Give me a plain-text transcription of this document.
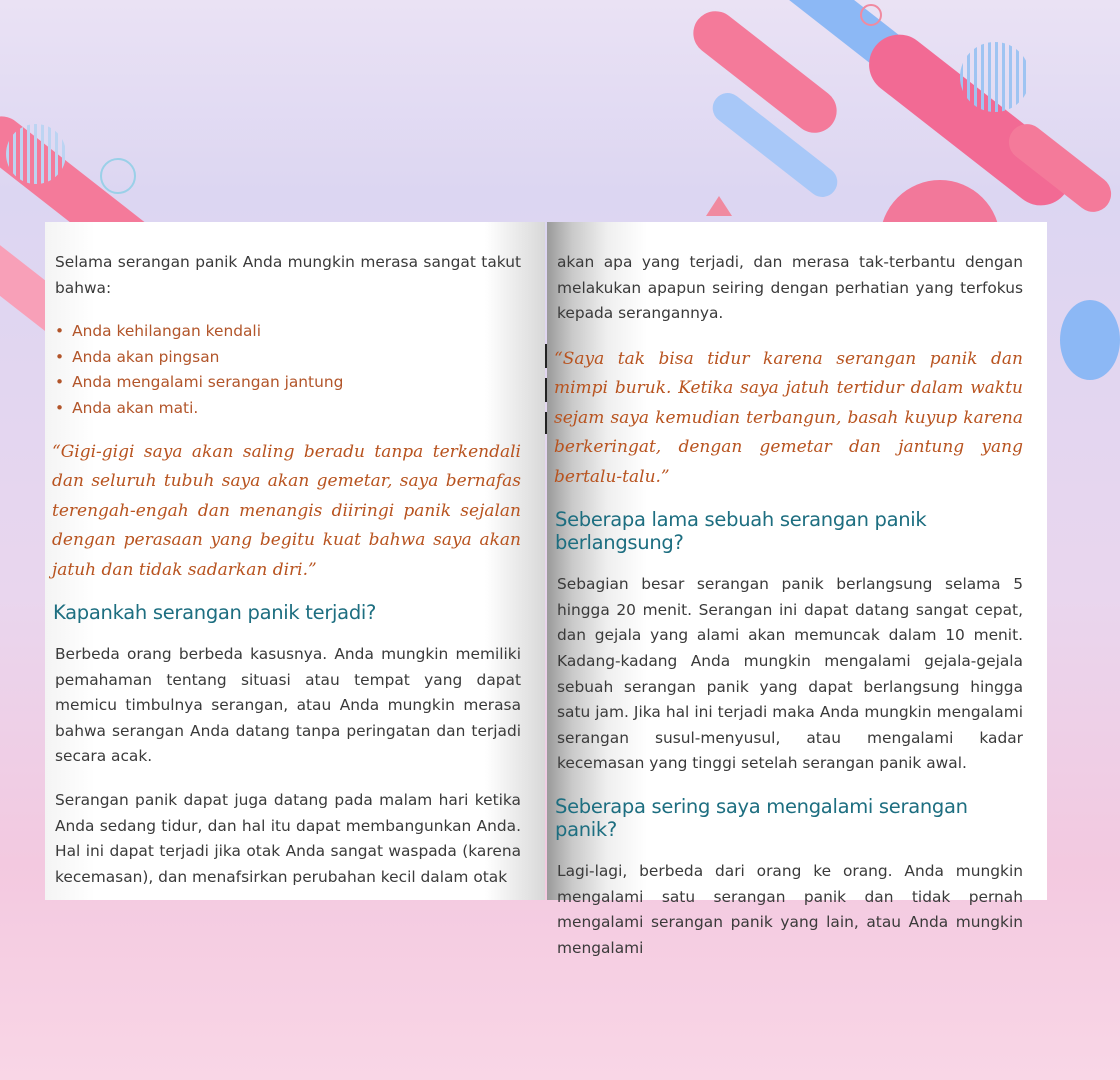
Selama serangan panik Anda mungkin merasa sangat takut bahwa:

• Anda kehilangan kendali
• Anda akan pingsan
• Anda mengalami serangan jantung
• Anda akan mati.

“Gigi-gigi saya akan saling beradu tanpa terkendali dan seluruh tubuh saya akan gemetar, saya bernafas terengah-engah dan menangis diiringi panik sejalan dengan perasaan yang begitu kuat bahwa saya akan jatuh dan tidak sadarkan diri.”

Kapankah serangan panik terjadi?

Berbeda orang berbeda kasusnya. Anda mungkin memiliki pemahaman tentang situasi atau tempat yang dapat memicu timbulnya serangan, atau Anda mungkin merasa bahwa serangan Anda datang tanpa peringatan dan terjadi secara acak.

Serangan panik dapat juga datang pada malam hari ketika Anda sedang tidur, dan hal itu dapat membangunkan Anda. Hal ini dapat terjadi jika otak Anda sangat waspada (karena kecemasan), dan menafsirkan perubahan kecil dalam otak

akan apa yang terjadi, dan merasa tak-terbantu dengan melakukan apapun seiring dengan perhatian yang terfokus kepada serangannya.

“Saya tak bisa tidur karena serangan panik dan mimpi buruk. Ketika saya jatuh tertidur dalam waktu sejam saya kemudian terbangun, basah kuyup karena berkeringat, dengan gemetar dan jantung yang bertalu-talu.”

Seberapa lama sebuah serangan panik berlangsung?

Sebagian besar serangan panik berlangsung selama 5 hingga 20 menit. Serangan ini dapat datang sangat cepat, dan gejala yang alami akan memuncak dalam 10 menit. Kadang-kadang Anda mungkin mengalami gejala-gejala sebuah serangan panik yang dapat berlangsung hingga satu jam. Jika hal ini terjadi maka Anda mungkin mengalami serangan susul-menyusul, atau mengalami kadar kecemasan yang tinggi setelah serangan panik awal.

Seberapa sering saya mengalami serangan panik?

Lagi-lagi, berbeda dari orang ke orang. Anda mungkin mengalami satu serangan panik dan tidak pernah mengalami serangan panik yang lain, atau Anda mungkin mengalami
